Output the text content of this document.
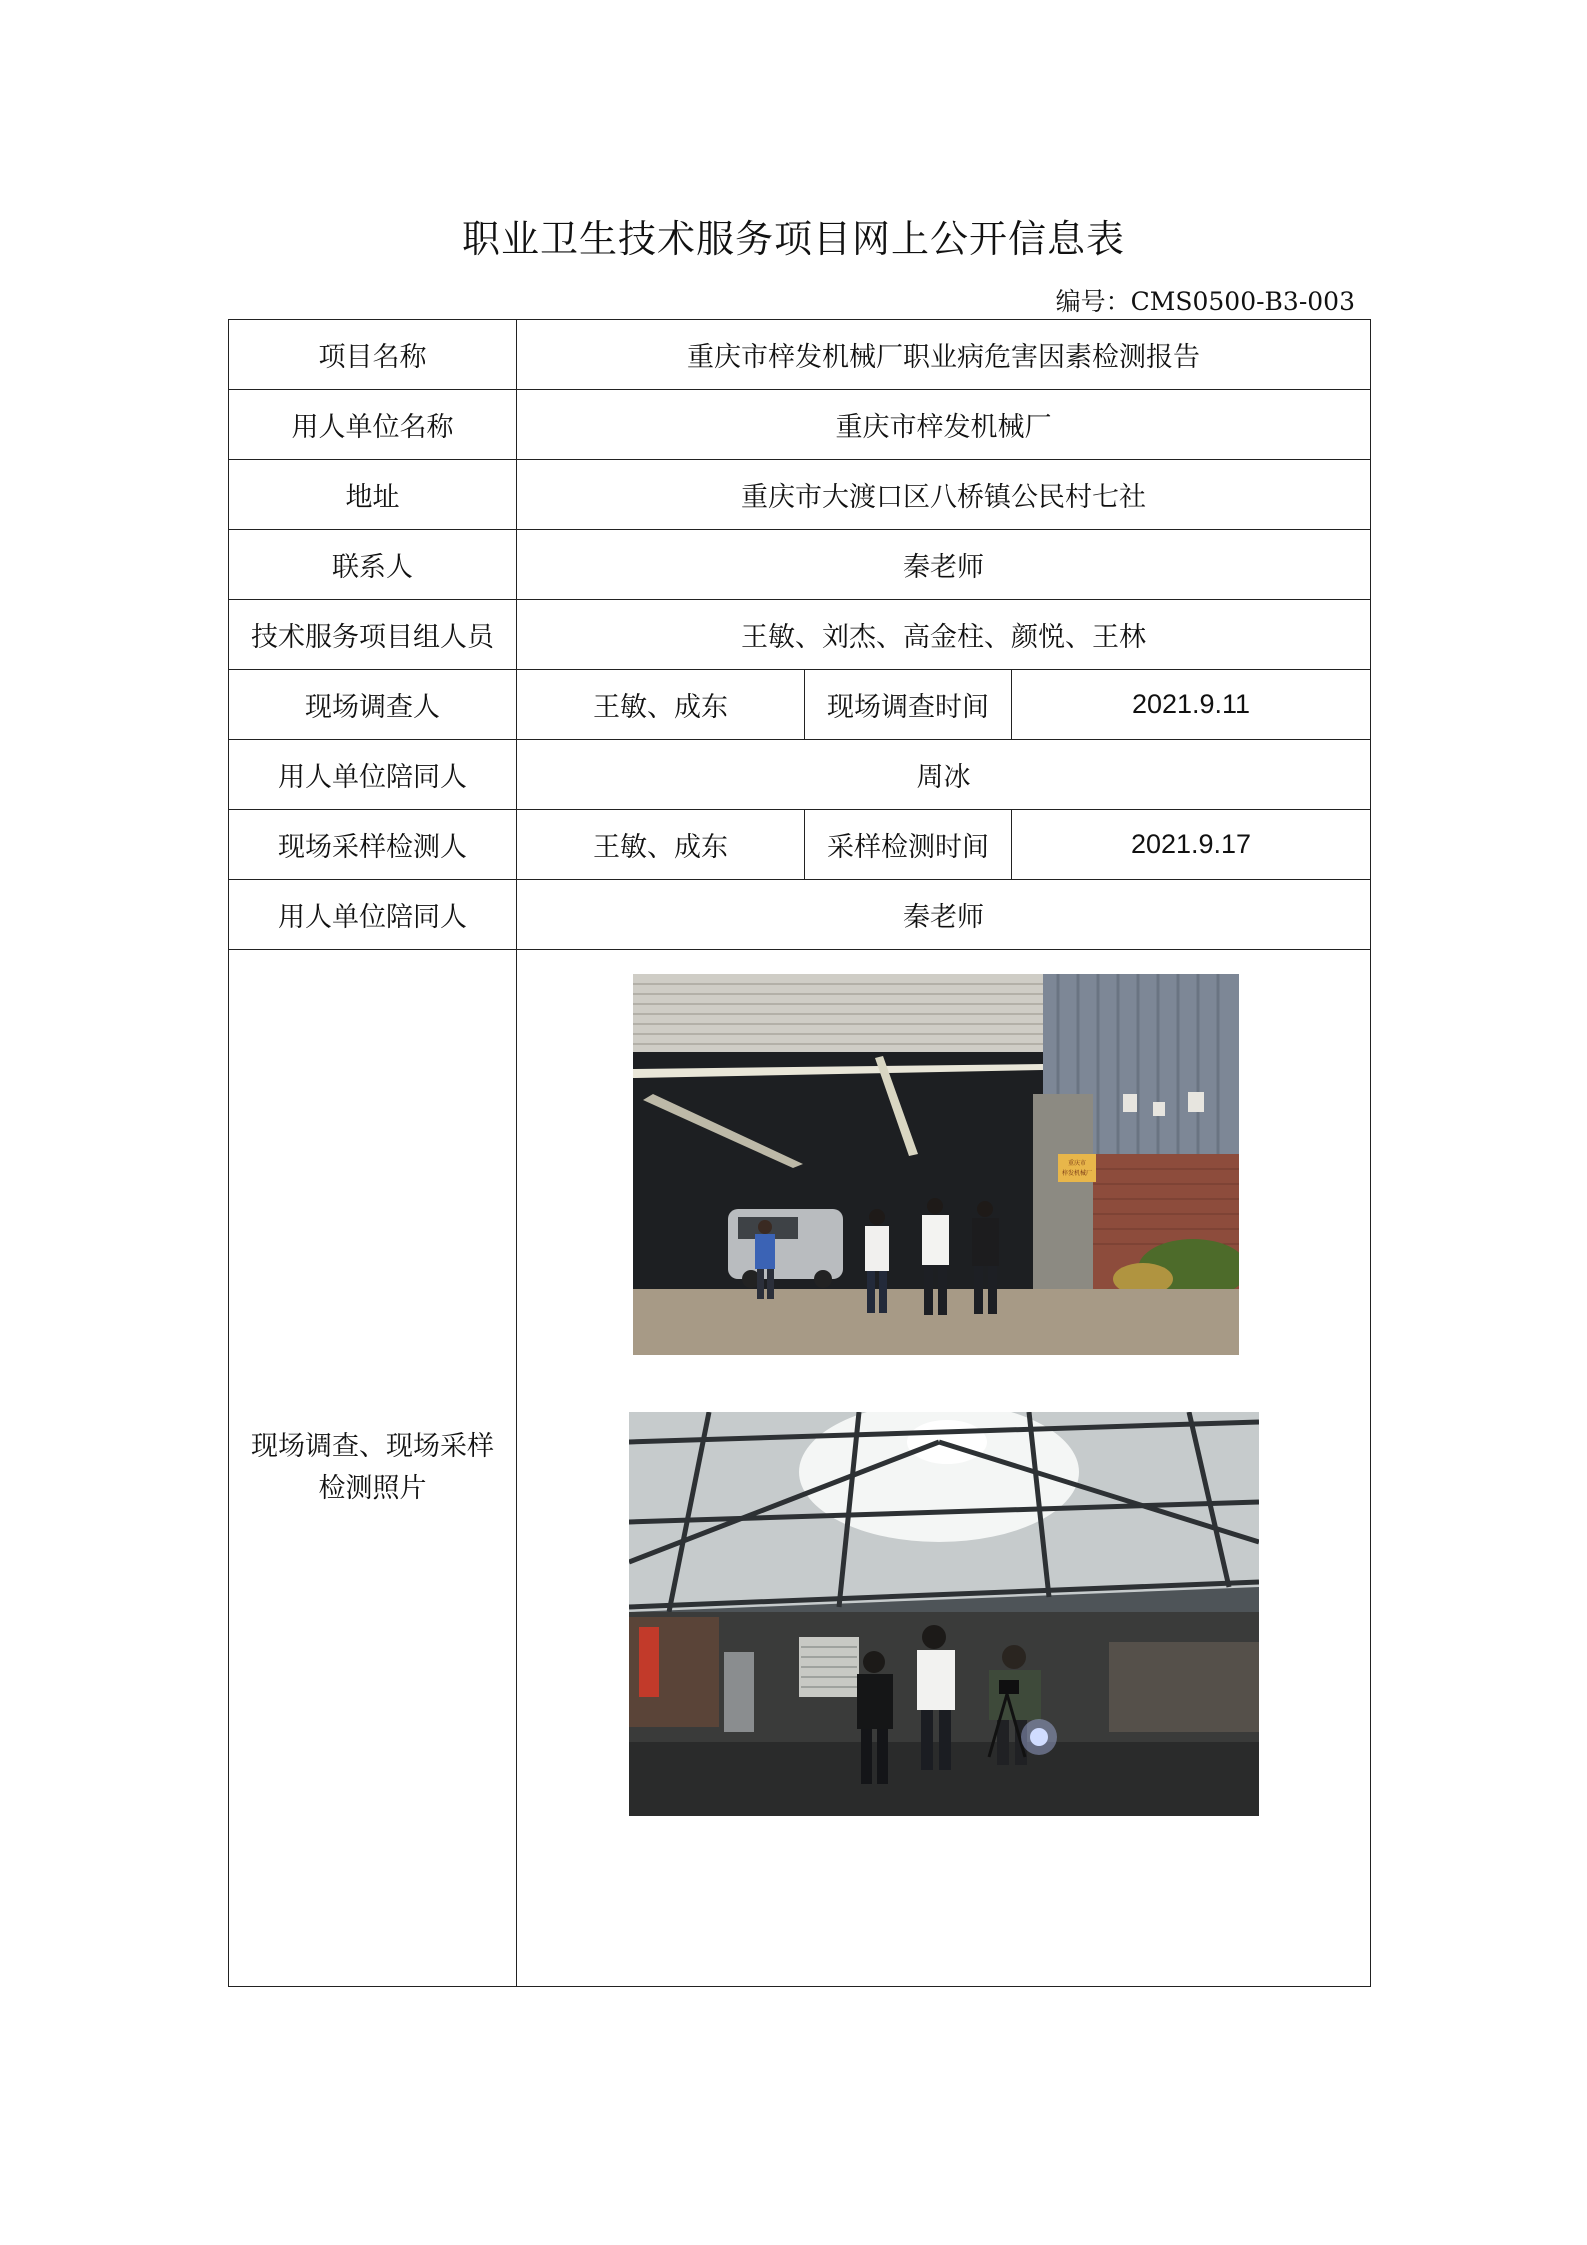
职业卫生技术服务项目网上公开信息表
编号：CMS0500-B3-003
项目名称	重庆市梓发机械厂职业病危害因素检测报告		
用人单位名称	重庆市梓发机械厂		
地址	重庆市大渡口区八桥镇公民村七社		
联系人	秦老师		
技术服务项目组人员	王敏、刘杰、高金柱、颜悦、王林		
现场调查人	王敏、成东	现场调查时间	2021.9.11
用人单位陪同人	周冰		
现场采样检测人	王敏、成东	采样检测时间	2021.9.17
用人单位陪同人	秦老师		
现场调查、现场采样
检测照片	重庆市
梓发机械厂		
